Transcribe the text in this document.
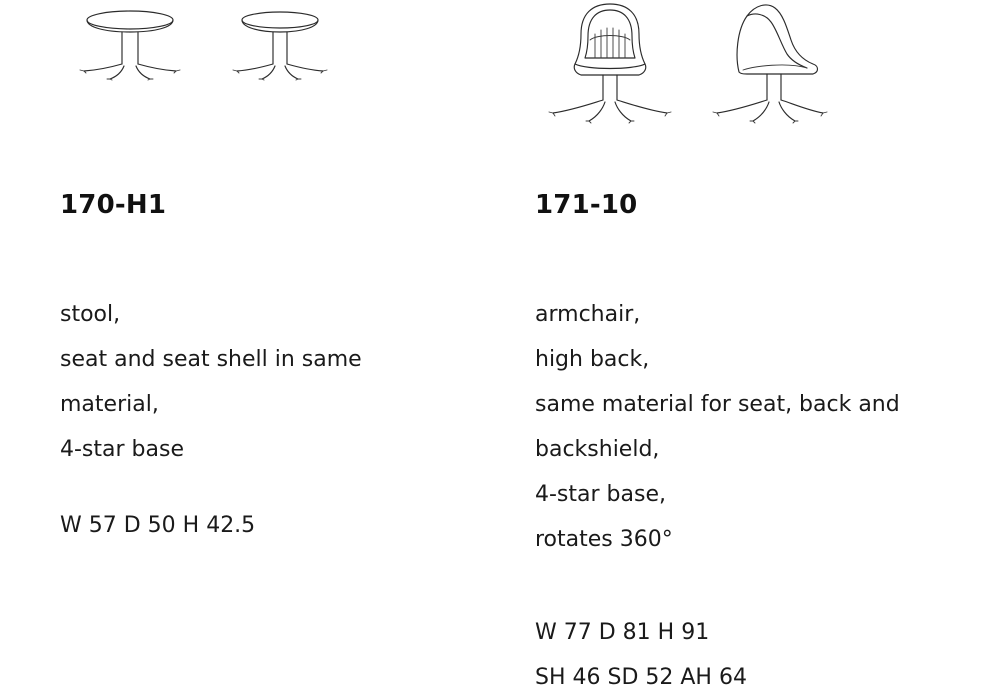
170-H1
stool,
seat and seat shell in same
material,
4-star base
W 57 D 50 H 42.5
171-10
armchair,
high back,
same material for seat, back and
backshield,
4-star base,
rotates 360°
W 77 D 81 H 91
SH 46 SD 52 AH 64
